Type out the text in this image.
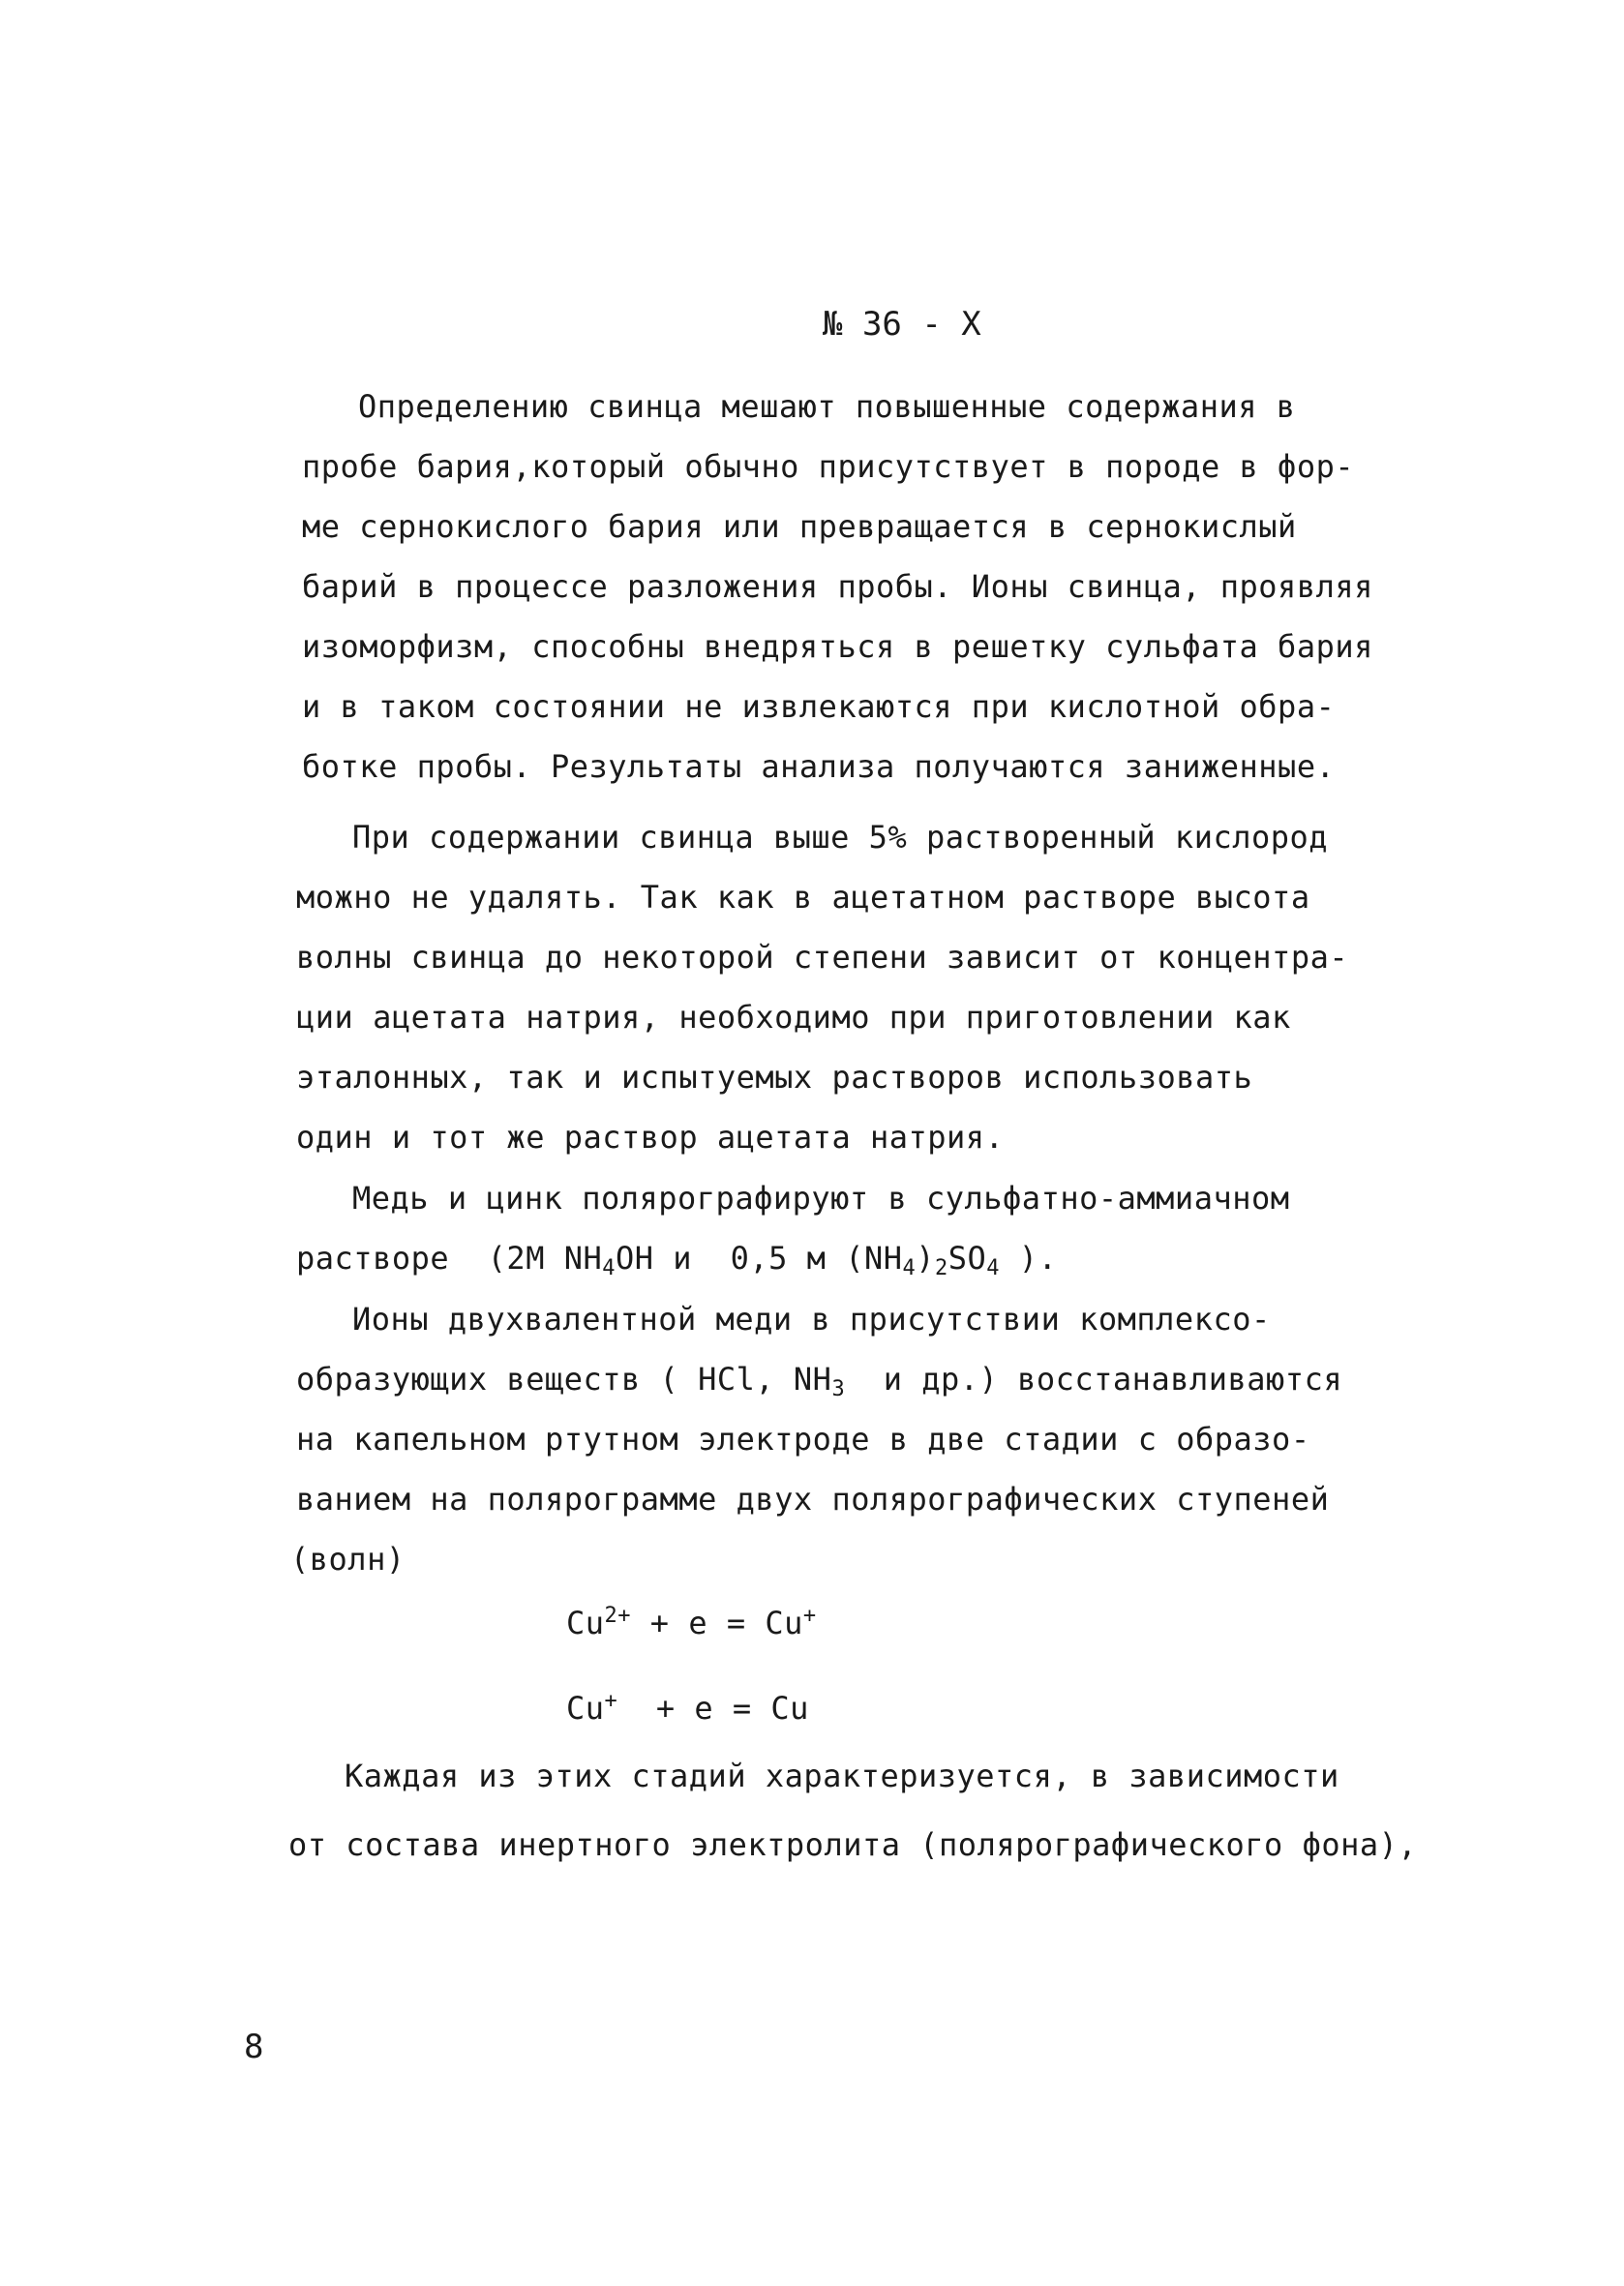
№ 36 - X
Определению свинца мешают повышенные содержания в
пробе бария,который обычно присутствует в породе в фор-
ме сернокислого бария или превращается в сернокислый
барий в процессе разложения пробы. Ионы свинца, проявляя
изоморфизм, способны внедряться в решетку сульфата бария
и в таком состоянии не извлекаются при кислотной обра-
ботке пробы. Результаты анализа получаются заниженные.
При содержании свинца выше 5% растворенный кислород
можно не удалять. Так как в ацетатном растворе высота
волны свинца до некоторой степени зависит от концентра-
ции ацетата натрия, необходимо при приготовлении как
эталонных, так и испытуемых растворов использовать
один и тот же раствор ацетата натрия.
Медь и цинк полярографируют в сульфатно-аммиачном
растворе  (2М $NH_4OH$ и  0,5 м $(NH_4)_2SO_4$ ).
Ионы двухвалентной меди в присутствии комплексо-
образующих веществ ( НСl, $NH_3$  и др.) восстанавливаются
на капельном ртутном электроде в две стадии с образо-
ванием на полярограмме двух полярографических ступеней
(волн)
$Cu^{2+} + e = Cu^+$
Cu+  + e = Cu
Каждая из этих стадий характеризуется, в зависимости
от состава инертного электролита (полярографического фона),
8
